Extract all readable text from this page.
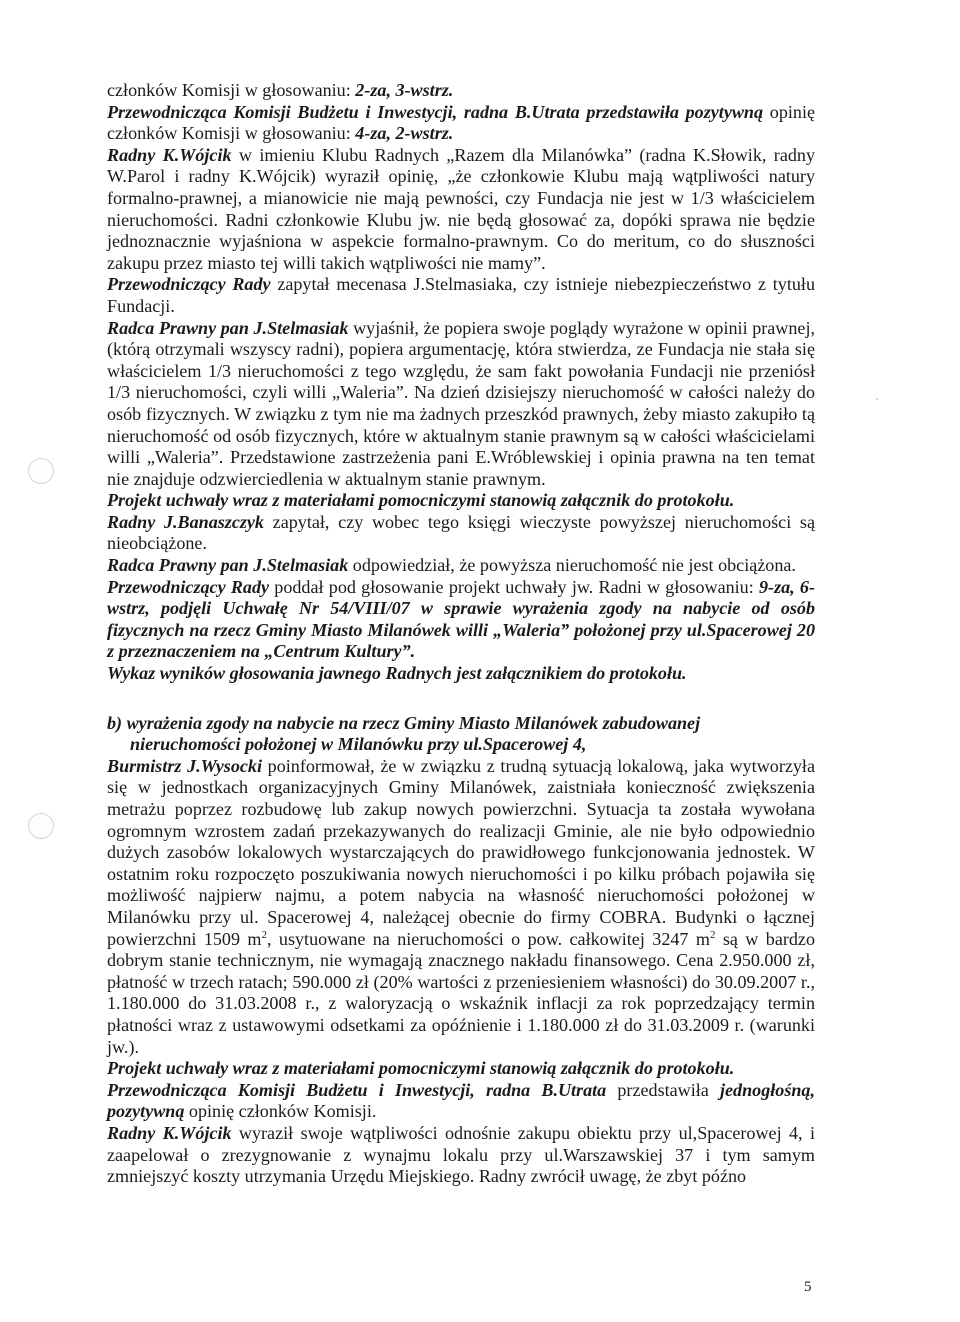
członków Komisji w głosowaniu: 2-za, 3-wstrz.

Przewodnicząca Komisji Budżetu i Inwestycji, radna B.Utrata przedstawiła pozytywną opinię członków Komisji w głosowaniu: 4-za, 2-wstrz.

Radny K.Wójcik w imieniu Klubu Radnych „Razem dla Milanówka” (radna K.Słowik, radny W.Parol i radny K.Wójcik) wyraził opinię, „że członkowie Klubu mają wątpliwości natury formalno-prawnej, a mianowicie nie mają pewności, czy Fundacja nie jest w 1/3 właścicielem nieruchomości. Radni członkowie Klubu jw. nie będą głosować za, dopóki sprawa nie będzie jednoznacznie wyjaśniona w aspekcie formalno-prawnym. Co do meritum, co do słuszności zakupu przez miasto tej willi takich wątpliwości nie mamy”.

Przewodniczący Rady zapytał mecenasa J.Stelmasiaka, czy istnieje niebezpieczeństwo z tytułu Fundacji.

Radca Prawny pan J.Stelmasiak wyjaśnił, że popiera swoje poglądy wyrażone w opinii prawnej, (którą otrzymali wszyscy radni), popiera argumentację, która stwierdza, ze Fundacja nie stała się właścicielem 1/3 nieruchomości z tego względu, że sam fakt powołania Fundacji nie przeniósł 1/3 nieruchomości, czyli willi „Waleria”. Na dzień dzisiejszy nieruchomość w całości należy do osób fizycznych. W związku z tym nie ma żadnych przeszkód prawnych, żeby miasto zakupiło tą nieruchomość od osób fizycznych, które w aktualnym stanie prawnym są w całości właścicielami willi „Waleria”. Przedstawione zastrzeżenia pani E.Wróblewskiej i opinia prawna na ten temat nie znajduje odzwierciedlenia w aktualnym stanie prawnym.

Projekt uchwały wraz z materiałami pomocniczymi stanowią załącznik do protokołu.

Radny J.Banaszczyk zapytał, czy wobec tego księgi wieczyste powyższej nieruchomości są nieobciążone.

Radca Prawny pan J.Stelmasiak odpowiedział, że powyższa nieruchomość nie jest obciążona.

Przewodniczący Rady poddał pod głosowanie projekt uchwały jw. Radni w głosowaniu: 9-za, 6-wstrz, podjęli Uchwałę Nr 54/VIII/07 w sprawie wyrażenia zgody na nabycie od osób fizycznych na rzecz Gminy Miasto Milanówek willi „Waleria” położonej przy ul.Spacerowej 20 z przeznaczeniem na „Centrum Kultury”.

Wykaz wyników głosowania jawnego Radnych jest załącznikiem do protokołu.

b) wyrażenia zgody na nabycie na rzecz Gminy Miasto Milanówek zabudowanej
nieruchomości położonej w Milanówku przy ul.Spacerowej 4,

Burmistrz J.Wysocki poinformował, że w związku z trudną sytuacją lokalową, jaka wytworzyła się w jednostkach organizacyjnych Gminy Milanówek, zaistniała konieczność zwiększenia metrażu poprzez rozbudowę lub zakup nowych powierzchni. Sytuacja ta została wywołana ogromnym wzrostem zadań przekazywanych do realizacji Gminie, ale nie było odpowiednio dużych zasobów lokalowych wystarczających do prawidłowego funkcjonowania jednostek. W ostatnim roku rozpoczęto poszukiwania nowych nieruchomości i po kilku próbach pojawiła się możliwość najpierw najmu, a potem nabycia na własność nieruchomości położonej w Milanówku przy ul. Spacerowej 4, należącej obecnie do firmy COBRA. Budynki o łącznej powierzchni 1509 $m^2$, usytuowane na nieruchomości o pow. całkowitej 3247 $m^2$ są w bardzo dobrym stanie technicznym, nie wymagają znacznego nakładu finansowego. Cena 2.950.000 zł, płatność w trzech ratach; 590.000 zł (20% wartości z przeniesieniem własności) do 30.09.2007 r., 1.180.000 do 31.03.2008 r., z waloryzacją o wskaźnik inflacji za rok poprzedzający termin płatności wraz z ustawowymi odsetkami za opóźnienie i 1.180.000 zł do 31.03.2009 r. (warunki jw.).

Projekt uchwały wraz z materiałami pomocniczymi stanowią załącznik do protokołu.

Przewodnicząca Komisji Budżetu i Inwestycji, radna B.Utrata przedstawiła jednogłośną, pozytywną opinię członków Komisji.

Radny K.Wójcik wyraził swoje wątpliwości odnośnie zakupu obiektu przy ul,Spacerowej 4, i zaapelował o zrezygnowanie z wynajmu lokalu przy ul.Warszawskiej 37 i tym samym zmniejszyć koszty utrzymania Urzędu Miejskiego. Radny zwrócił uwagę, że zbyt późno

5
